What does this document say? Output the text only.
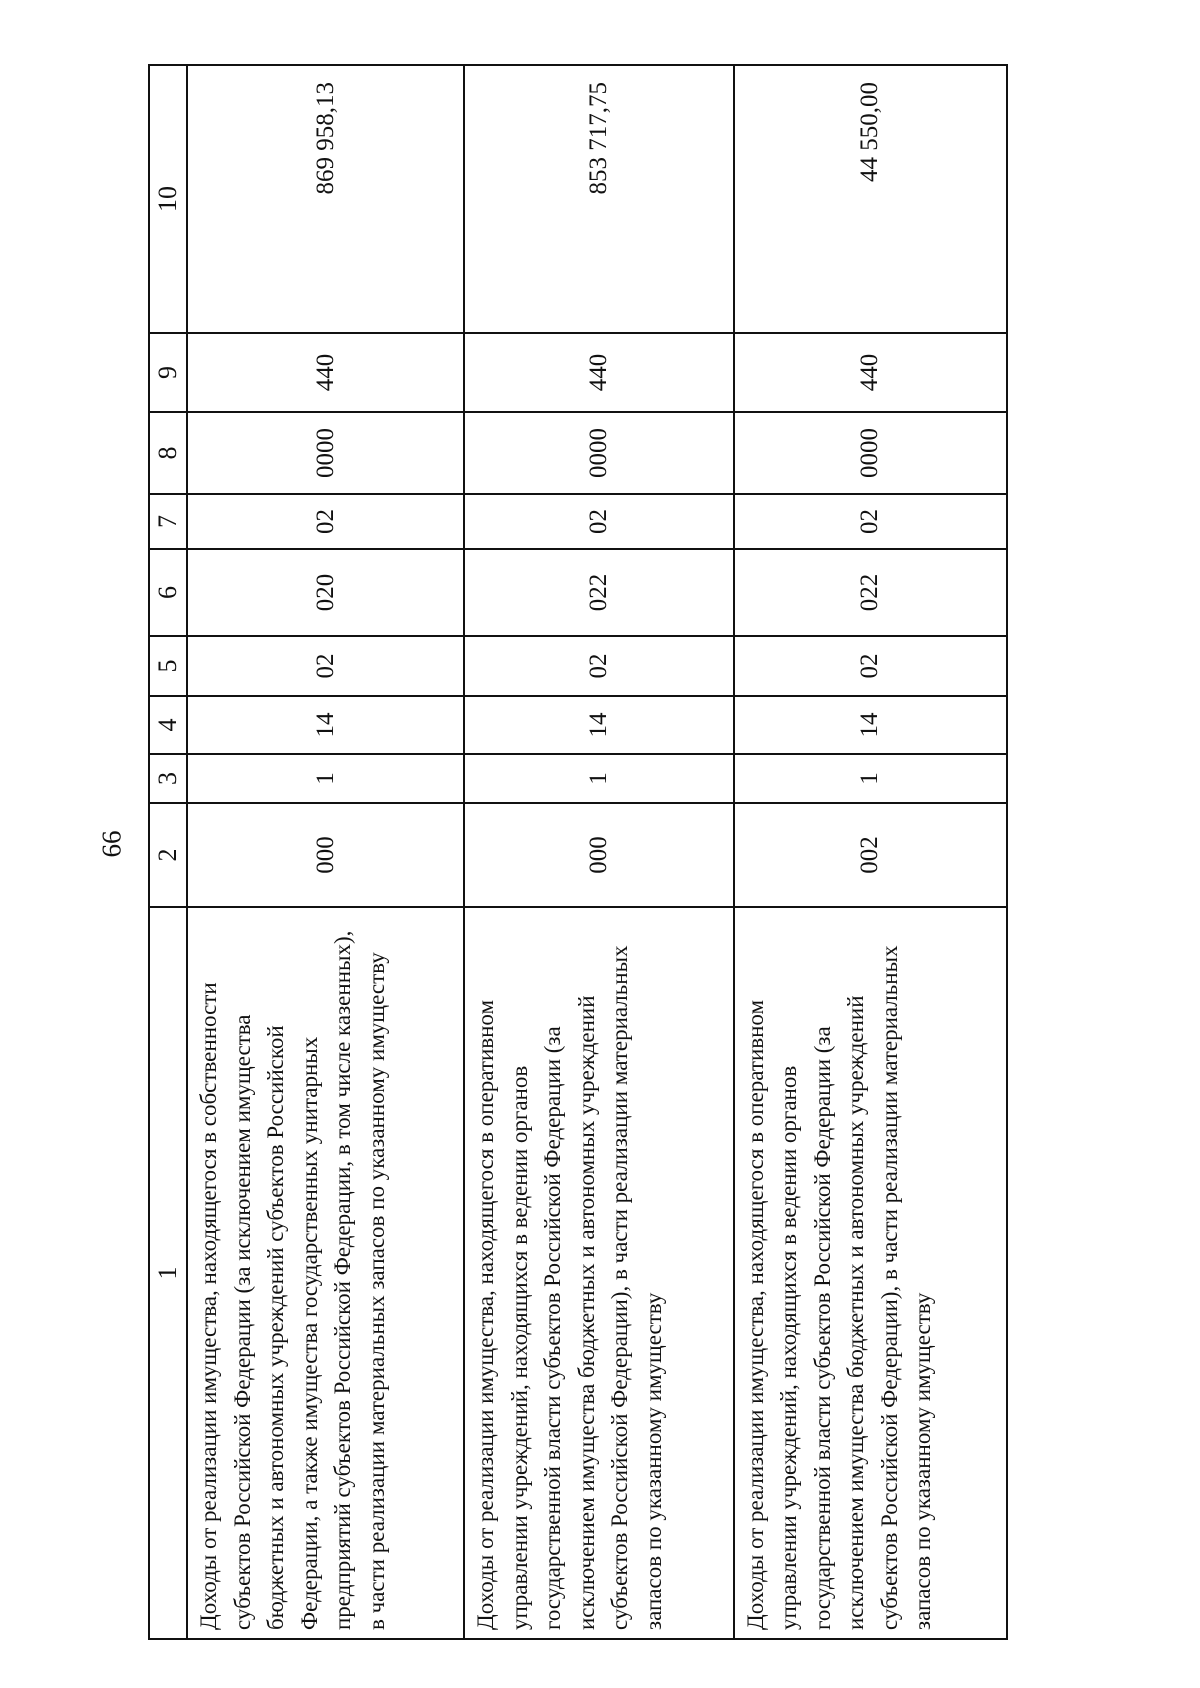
66
1	2	3	4	5	6	7	8	9	10
Доходы от реализации имущества, находящегося в собственности субъектов Российской Федерации (за исключением имущества бюджетных и автономных учреждений субъектов Российской Федерации, а также имущества государственных унитарных предприятий субъектов Российской Федерации, в том числе казенных), в части реализации материальных запасов по указанному имуществу	000	1	14	02	020	02	0000	440	869 958,13
Доходы от реализации имущества, находящегося в оперативном управлении учреждений, находящихся в ведении органов государственной власти субъектов Российской Федерации (за исключением имущества бюджетных и автономных учреждений субъектов Российской Федерации), в части реализации материальных запасов по указанному имуществу	000	1	14	02	022	02	0000	440	853 717,75
Доходы от реализации имущества, находящегося в оперативном управлении учреждений, находящихся в ведении органов государственной власти субъектов Российской Федерации (за исключением имущества бюджетных и автономных учреждений субъектов Российской Федерации), в части реализации материальных запасов по указанному имуществу	002	1	14	02	022	02	0000	440	44 550,00
